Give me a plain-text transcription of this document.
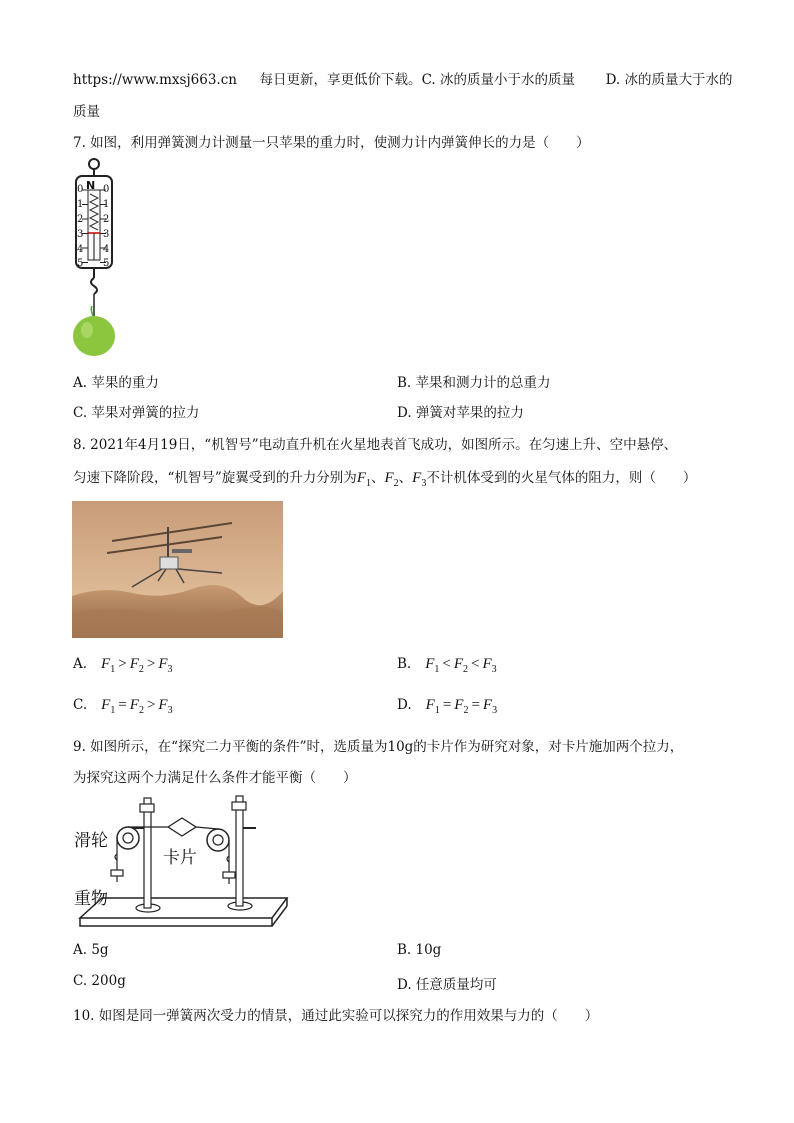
https://www.mxsj663.cn 每日更新，享更低价下载。C. 冰的质量小于水的质量 D. 冰的质量大于水的
质量
7. 如图，利用弹簧测力计测量一只苹果的重力时，使测力计内弹簧伸长的力是（　　）
N
0
1
2
3
4
5
0
1
2
3
4
5
A. 苹果的重力	B. 苹果和测力计的总重力
C. 苹果对弹簧的拉力	D. 弹簧对苹果的拉力
8. 2021年4月19日，“机智号”电动直升机在火星地表首飞成功，如图所示。在匀速上升、空中悬停、
匀速下降阶段，“机智号”旋翼受到的升力分别为$F_1$、$F_2$、$F_3$不计机体受到的火星气体的阻力，则（　　）
A. $F_1 > F_2 > F_3$	B. $F_1 < F_2 < F_3$
C. $F_1 = F_2 > F_3$	D. $F_1 = F_2 = F_3$
9. 如图所示，在“探究二力平衡的条件”时，选质量为10g的卡片作为研究对象，对卡片施加两个拉力，
为探究这两个力满足什么条件才能平衡（　　）
滑轮
卡片
重物
A. 5g	B. 10g
C. 200g	D. 任意质量均可
10. 如图是同一弹簧两次受力的情景，通过此实验可以探究力的作用效果与力的（　　）
